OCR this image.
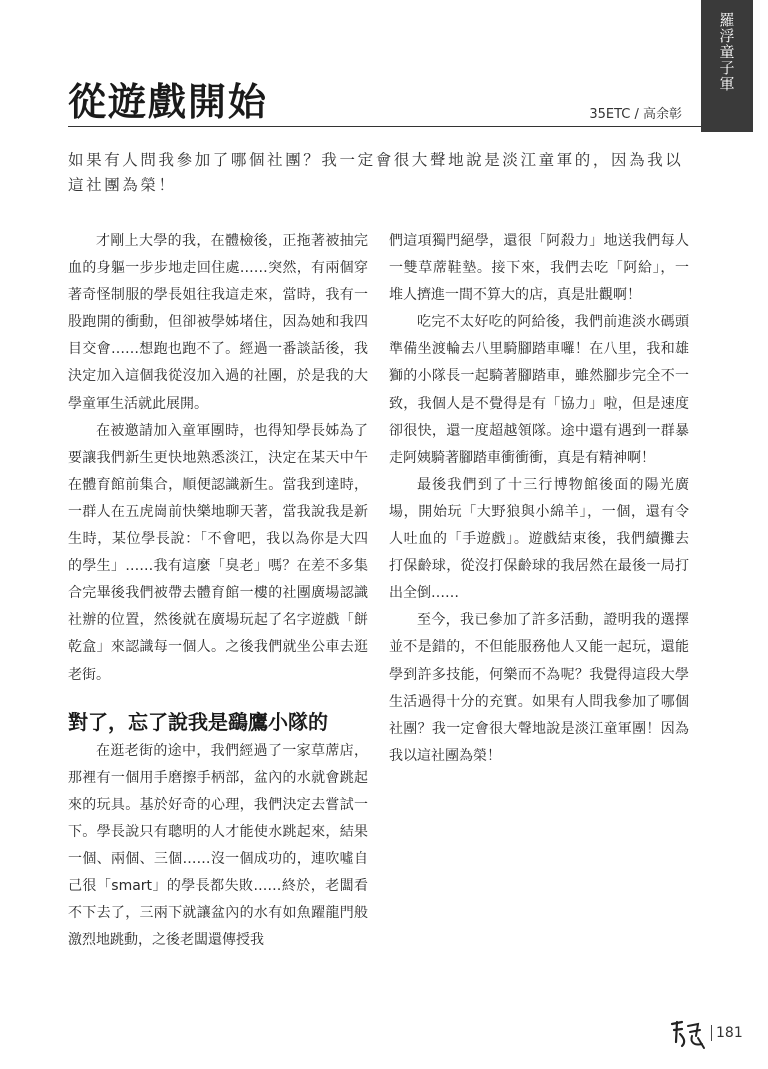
羅浮童子軍
從遊戲開始	35ETC / 高余彰

如果有人問我參加了哪個社團？我一定會很大聲地說是淡江童軍的，因為我以這社團為榮！

才剛上大學的我，在體檢後，正拖著被抽完血的身軀一步步地走回住處……突然，有兩個穿著奇怪制服的學長姐往我這走來，當時，我有一股跑開的衝動，但卻被學姊堵住，因為她和我四目交會……想跑也跑不了。經過一番談話後，我決定加入這個我從沒加入過的社團，於是我的大學童軍生活就此展開。

在被邀請加入童軍團時，也得知學長姊為了要讓我們新生更快地熟悉淡江，決定在某天中午在體育館前集合，順便認識新生。當我到達時，一群人在五虎崗前快樂地聊天著，當我說我是新生時，某位學長說：「不會吧，我以為你是大四的學生」……我有這麼「臭老」嗎？在差不多集合完畢後我們被帶去體育館一樓的社團廣場認識社辦的位置，然後就在廣場玩起了名字遊戲「餅乾盒」來認識每一個人。之後我們就坐公車去逛老街。

對了，忘了說我是鷂鷹小隊的

在逛老街的途中，我們經過了一家草蓆店，那裡有一個用手磨擦手柄部，盆內的水就會跳起來的玩具。基於好奇的心理，我們決定去嘗試一下。學長說只有聰明的人才能使水跳起來，結果一個、兩個、三個……沒一個成功的，連吹噓自己很「smart」的學長都失敗……終於，老闆看不下去了，三兩下就讓盆內的水有如魚躍龍門般激烈地跳動，之後老闆還傳授我

們這項獨門絕學，還很「阿殺力」地送我們每人一雙草蓆鞋墊。接下來，我們去吃「阿給」，一堆人擠進一間不算大的店，真是壯觀啊！

吃完不太好吃的阿給後，我們前進淡水碼頭準備坐渡輪去八里騎腳踏車囉！在八里，我和雄獅的小隊長一起騎著腳踏車，雖然腳步完全不一致，我個人是不覺得是有「協力」啦，但是速度卻很快，還一度超越領隊。途中還有遇到一群暴走阿姨騎著腳踏車衝衝衝，真是有精神啊！

最後我們到了十三行博物館後面的陽光廣場，開始玩「大野狼與小綿羊」，一個，還有令人吐血的「手遊戲」。遊戲結束後，我們續攤去打保齡球，從沒打保齡球的我居然在最後一局打出全倒……

至今，我已參加了許多活動，證明我的選擇並不是錯的，不但能服務他人又能一起玩，還能學到許多技能，何樂而不為呢？我覺得這段大學生活過得十分的充實。如果有人問我參加了哪個社團？我一定會很大聲地說是淡江童軍團！因為我以這社團為榮！

181
